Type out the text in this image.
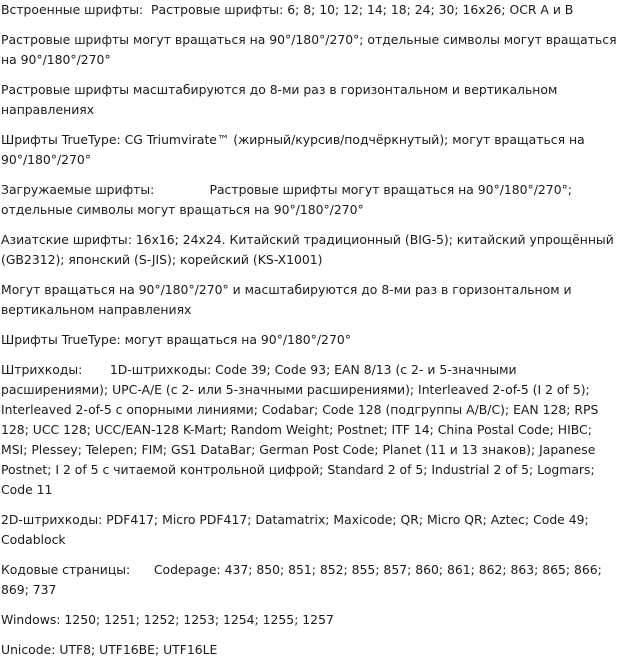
Встроенные шрифты:  Растровые шрифты: 6; 8; 10; 12; 14; 18; 24; 30; 16x26; OCR A и B

Растровые шрифты могут вращаться на 90°/180°/270°; отдельные символы могут вращаться на 90°/180°/270°

Растровые шрифты масштабируются до 8-ми раз в горизонтальном и вертикальном направлениях

Шрифты TrueType: CG Triumvirate™ (жирный/курсив/подчёркнутый); могут вращаться на 90°/180°/270°

Загружаемые шрифты:              Растровые шрифты могут вращаться на 90°/180°/270°; отдельные символы могут вращаться на 90°/180°/270°

Азиатские шрифты: 16x16; 24x24. Китайский традиционный (BIG-5); китайский упрощённый (GB2312); японский (S-JIS); корейский (KS-X1001)

Могут вращаться на 90°/180°/270° и масштабируются до 8-ми раз в горизонтальном и вертикальном направлениях

Шрифты TrueType: могут вращаться на 90°/180°/270°

Штрихкоды:       1D-штрихкоды: Code 39; Code 93; EAN 8/13 (с 2- и 5-значными расширениями); UPC-A/E (с 2- или 5-значными расширениями); Interleaved 2-of-5 (I 2 of 5); Interleaved 2-of-5 с опорными линиями; Codabar; Code 128 (подгруппы A/B/C); EAN 128; RPS 128; UCC 128; UCC/EAN-128 K-Mart; Random Weight; Postnet; ITF 14; China Postal Code; HIBC; MSI; Plessey; Telepen; FIM; GS1 DataBar; German Post Code; Planet (11 и 13 знаков); Japanese Postnet; I 2 of 5 с читаемой контрольной цифрой; Standard 2 of 5; Industrial 2 of 5; Logmars; Code 11

2D-штрихкоды: PDF417; Micro PDF417; Datamatrix; Maxicode; QR; Micro QR; Aztec; Code 49; Codablock

Кодовые страницы:      Codepage: 437; 850; 851; 852; 855; 857; 860; 861; 862; 863; 865; 866; 869; 737

Windows: 1250; 1251; 1252; 1253; 1254; 1255; 1257

Unicode: UTF8; UTF16BE; UTF16LE
